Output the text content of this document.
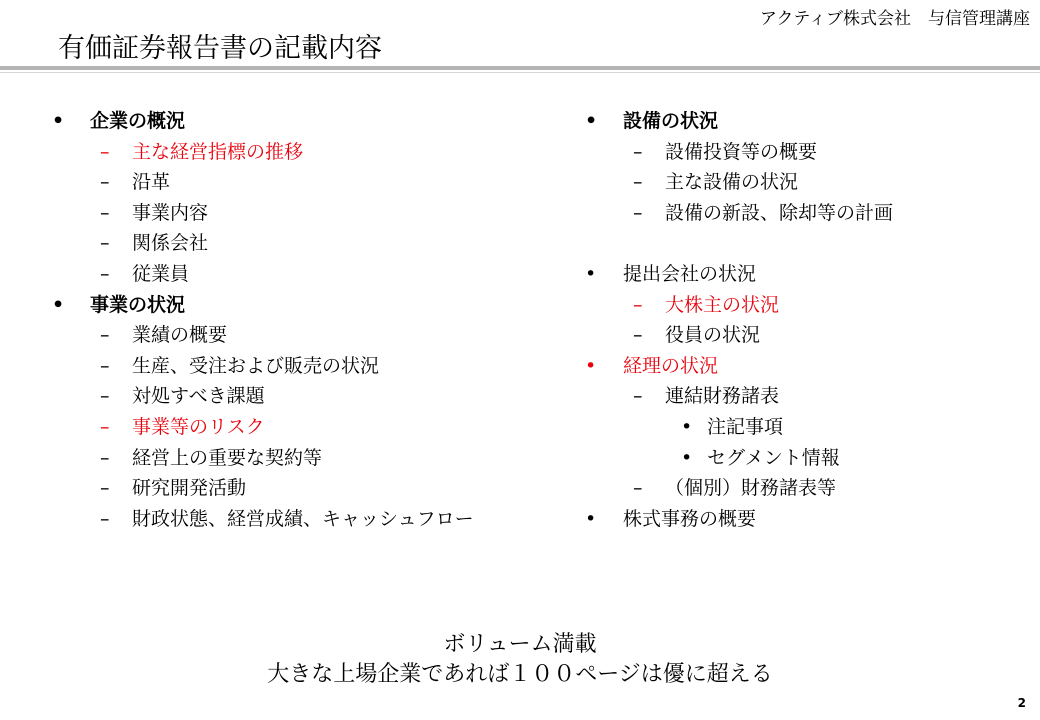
アクティブ株式会社　与信管理講座
有価証券報告書の記載内容
• 企業の概況
– 主な経営指標の推移
– 沿革
– 事業内容
– 関係会社
– 従業員
• 事業の状況
– 業績の概要
– 生産、受注および販売の状況
– 対処すべき課題
– 事業等のリスク
– 経営上の重要な契約等
– 研究開発活動
– 財政状態、経営成績、キャッシュフロー
• 設備の状況
– 設備投資等の概要
– 主な設備の状況
– 設備の新設、除却等の計画
• 提出会社の状況
– 大株主の状況
– 役員の状況
• 経理の状況
– 連結財務諸表
• 注記事項
• セグメント情報
– （個別）財務諸表等
• 株式事務の概要
ボリューム満載
大きな上場企業であれば１００ページは優に超える
2
